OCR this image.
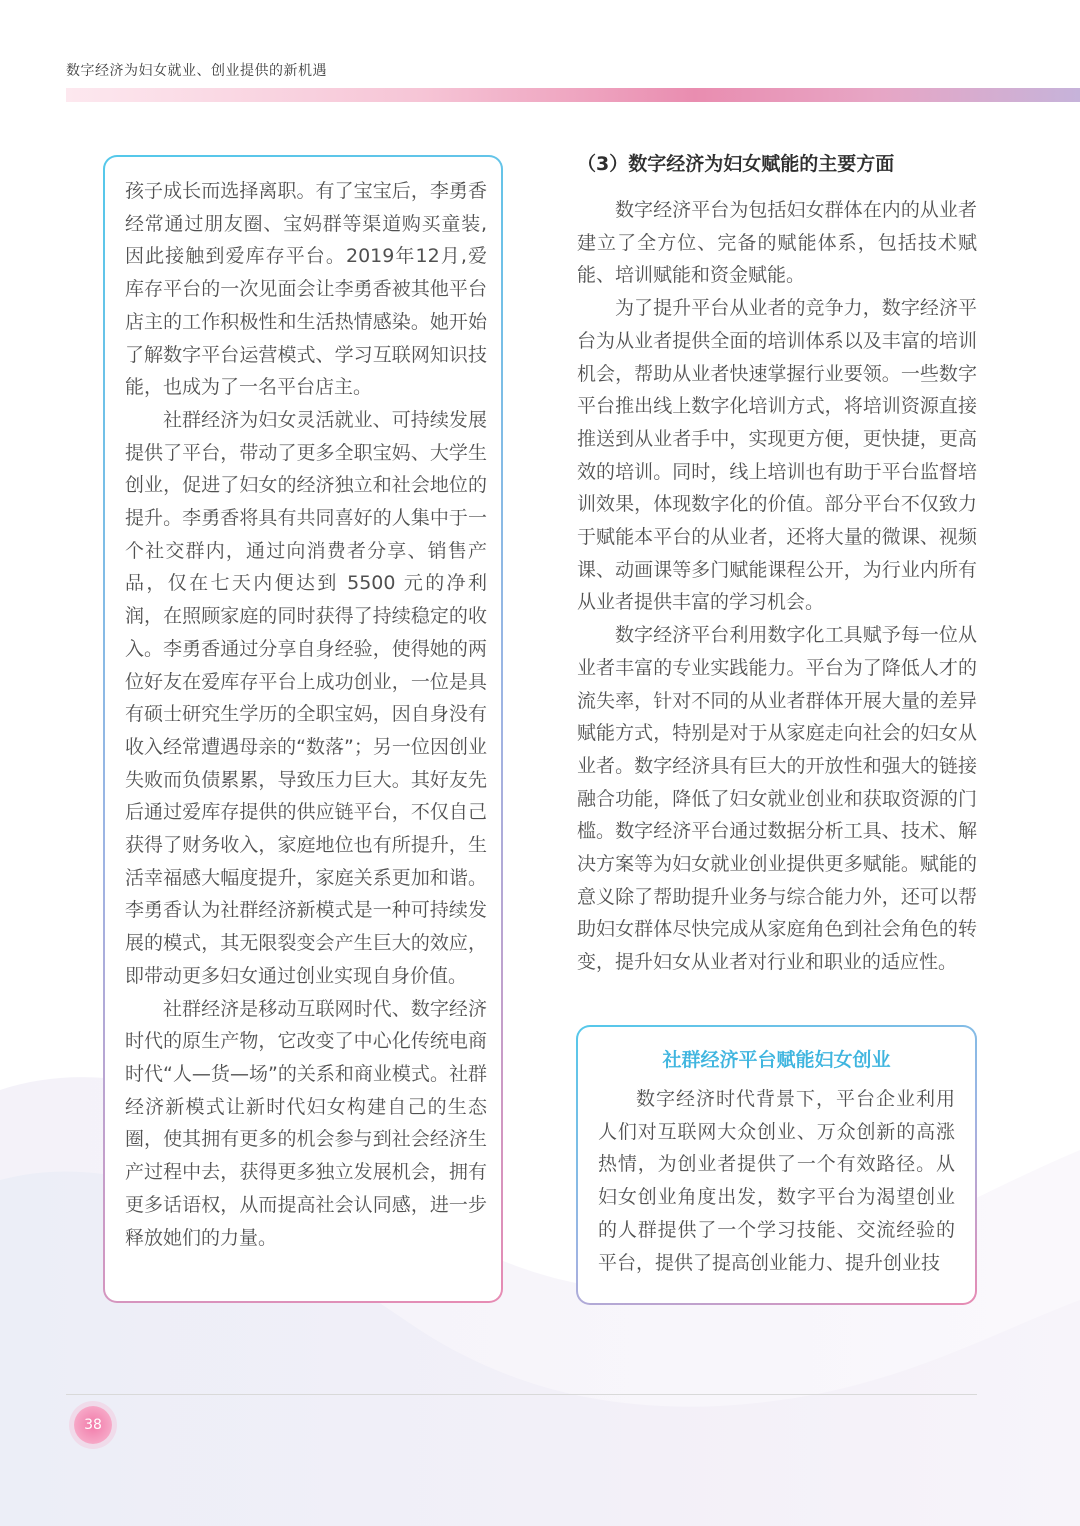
数字经济为妇女就业、创业提供的新机遇

孩子成长而选择离职。有了宝宝后，李勇香经常通过朋友圈、宝妈群等渠道购买童装,因此接触到爱库存平台。2019年12月,爱库存平台的一次见面会让李勇香被其他平台店主的工作积极性和生活热情感染。她开始了解数字平台运营模式、学习互联网知识技能，也成为了一名平台店主。

社群经济为妇女灵活就业、可持续发展提供了平台，带动了更多全职宝妈、大学生创业，促进了妇女的经济独立和社会地位的提升。李勇香将具有共同喜好的人集中于一个社交群内，通过向消费者分享、销售产品，仅在七天内便达到 5500 元的净利润，在照顾家庭的同时获得了持续稳定的收入。李勇香通过分享自身经验，使得她的两位好友在爱库存平台上成功创业，一位是具有硕士研究生学历的全职宝妈，因自身没有收入经常遭遇母亲的“数落”；另一位因创业失败而负债累累，导致压力巨大。其好友先后通过爱库存提供的供应链平台，不仅自己获得了财务收入，家庭地位也有所提升，生活幸福感大幅度提升，家庭关系更加和谐。李勇香认为社群经济新模式是一种可持续发展的模式，其无限裂变会产生巨大的效应，即带动更多妇女通过创业实现自身价值。

社群经济是移动互联网时代、数字经济时代的原生产物，它改变了中心化传统电商时代“人—货—场”的关系和商业模式。社群经济新模式让新时代妇女构建自己的生态圈，使其拥有更多的机会参与到社会经济生产过程中去，获得更多独立发展机会，拥有更多话语权，从而提高社会认同感，进一步释放她们的力量。

（3）数字经济为妇女赋能的主要方面

数字经济平台为包括妇女群体在内的从业者建立了全方位、完备的赋能体系，包括技术赋能、培训赋能和资金赋能。

为了提升平台从业者的竞争力，数字经济平台为从业者提供全面的培训体系以及丰富的培训机会，帮助从业者快速掌握行业要领。一些数字平台推出线上数字化培训方式，将培训资源直接推送到从业者手中，实现更方便，更快捷，更高效的培训。同时，线上培训也有助于平台监督培训效果，体现数字化的价值。部分平台不仅致力于赋能本平台的从业者，还将大量的微课、视频课、动画课等多门赋能课程公开，为行业内所有从业者提供丰富的学习机会。

数字经济平台利用数字化工具赋予每一位从业者丰富的专业实践能力。平台为了降低人才的流失率，针对不同的从业者群体开展大量的差异赋能方式，特别是对于从家庭走向社会的妇女从业者。数字经济具有巨大的开放性和强大的链接融合功能，降低了妇女就业创业和获取资源的门槛。数字经济平台通过数据分析工具、技术、解决方案等为妇女就业创业提供更多赋能。赋能的意义除了帮助提升业务与综合能力外，还可以帮助妇女群体尽快完成从家庭角色到社会角色的转变，提升妇女从业者对行业和职业的适应性。

社群经济平台赋能妇女创业

数字经济时代背景下，平台企业利用人们对互联网大众创业、万众创新的高涨热情，为创业者提供了一个有效路径。从妇女创业角度出发，数字平台为渴望创业的人群提供了一个学习技能、交流经验的平台，提供了提高创业能力、提升创业技

38
